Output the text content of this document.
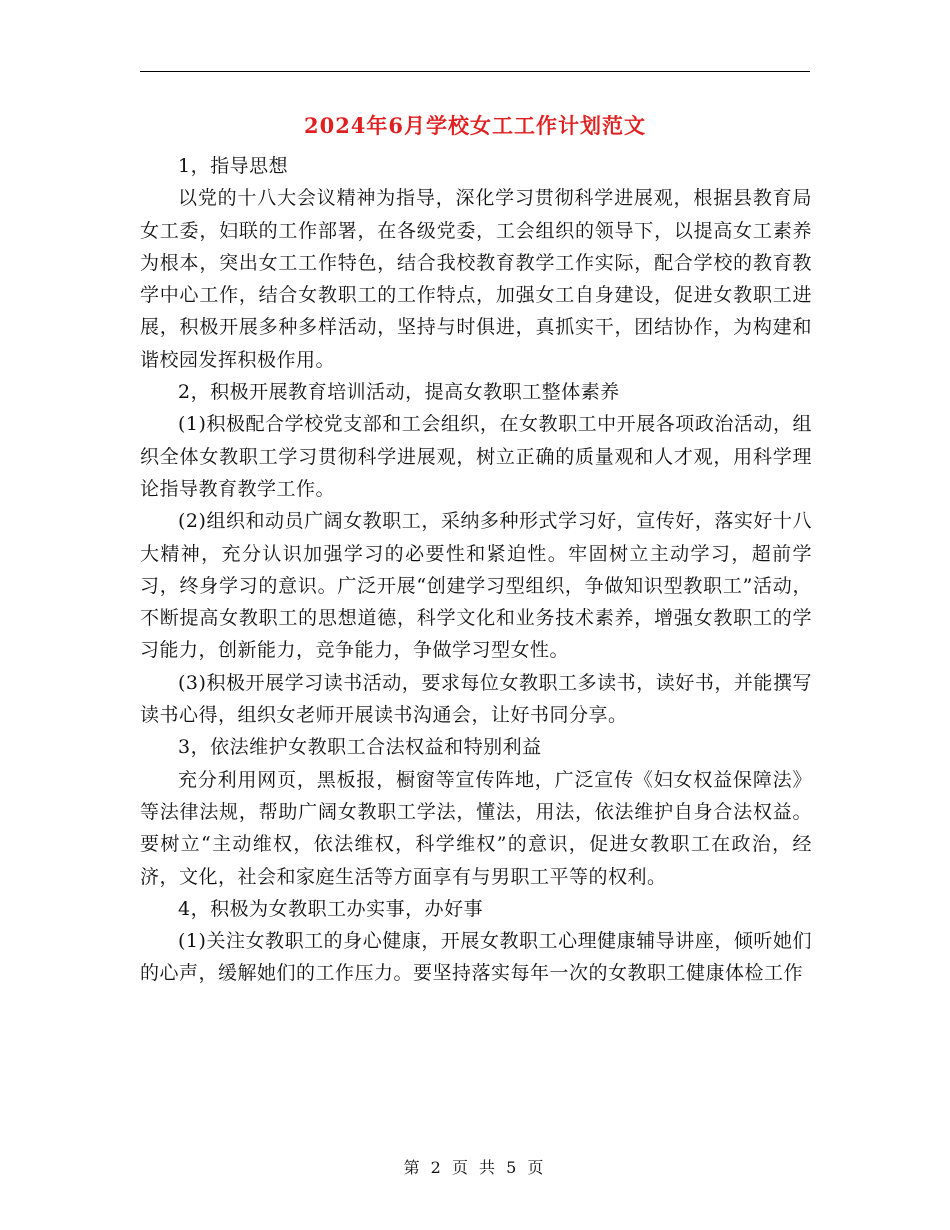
2024年6月学校女工工作计划范文

1，指导思想

以党的十八大会议精神为指导，深化学习贯彻科学进展观，根据县教育局女工委，妇联的工作部署，在各级党委，工会组织的领导下，以提高女工素养为根本，突出女工工作特色，结合我校教育教学工作实际，配合学校的教育教学中心工作，结合女教职工的工作特点，加强女工自身建设，促进女教职工进展，积极开展多种多样活动，坚持与时俱进，真抓实干，团结协作，为构建和谐校园发挥积极作用。

2，积极开展教育培训活动，提高女教职工整体素养

(1)积极配合学校党支部和工会组织，在女教职工中开展各项政治活动，组织全体女教职工学习贯彻科学进展观，树立正确的质量观和人才观，用科学理论指导教育教学工作。

(2)组织和动员广阔女教职工，采纳多种形式学习好，宣传好，落实好十八大精神，充分认识加强学习的必要性和紧迫性。牢固树立主动学习，超前学习，终身学习的意识。广泛开展“创建学习型组织，争做知识型教职工”活动，不断提高女教职工的思想道德，科学文化和业务技术素养，增强女教职工的学习能力，创新能力，竞争能力，争做学习型女性。

(3)积极开展学习读书活动，要求每位女教职工多读书，读好书，并能撰写读书心得，组织女老师开展读书沟通会，让好书同分享。

3，依法维护女教职工合法权益和特别利益

充分利用网页，黑板报，橱窗等宣传阵地，广泛宣传《妇女权益保障法》等法律法规，帮助广阔女教职工学法，懂法，用法，依法维护自身合法权益。要树立“主动维权，依法维权，科学维权”的意识，促进女教职工在政治，经济，文化，社会和家庭生活等方面享有与男职工平等的权利。

4，积极为女教职工办实事，办好事

(1)关注女教职工的身心健康，开展女教职工心理健康辅导讲座，倾听她们的心声，缓解她们的工作压力。要坚持落实每年一次的女教职工健康体检工作

第 2 页 共 5 页
